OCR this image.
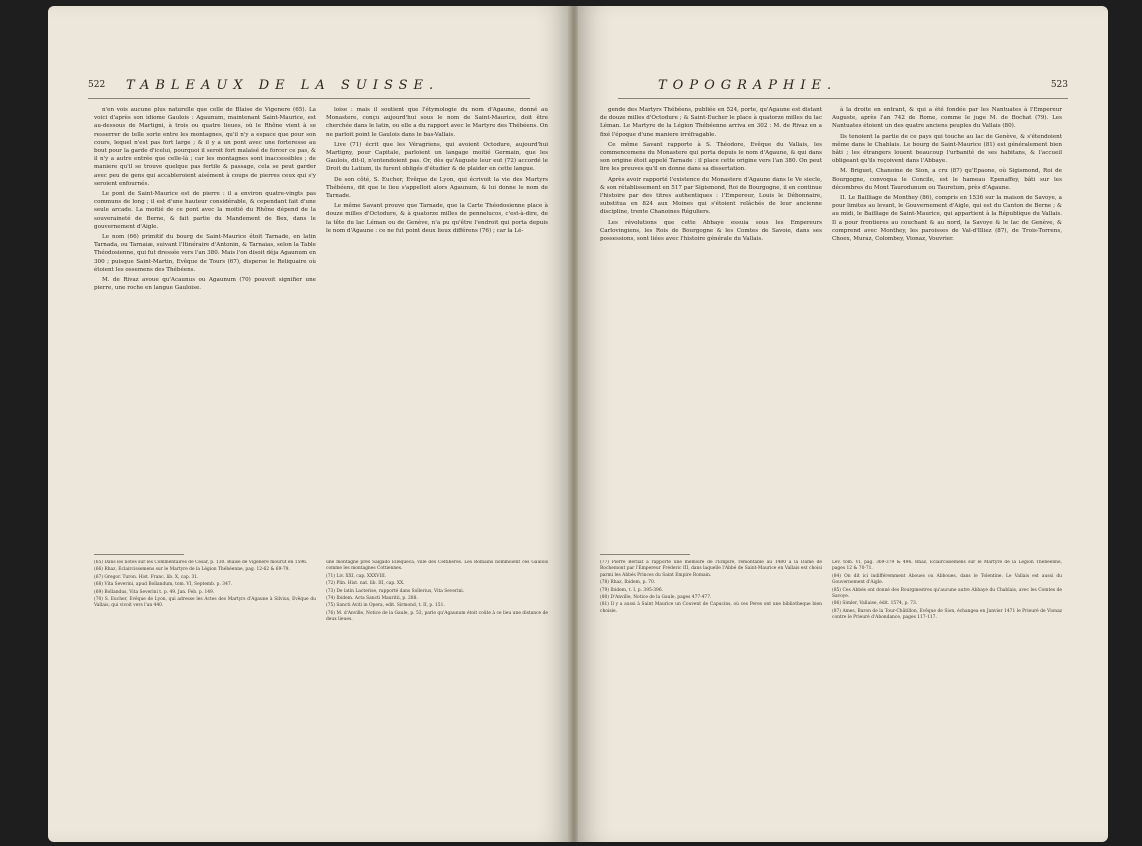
522 TABLEAUX DE LA SUISSE.

n'en vois aucune plus naturelle que celle de Blaise de Vigenere (65). La voici d'après son idiome Gaulois : Agaunum, maintenant Saint-Maurice, est au-dessous de Martigni, à trois ou quatre lieues, où le Rhône vient à se resserrer de telle sorte entre les montagnes, qu'il n'y a espace que pour son cours, lequel n'est pas fort large ; & il y a un pont avec une forteresse au bout pour la garde d'icelui, pourquoi il seroit fort malaisé de forcer ce pas, & il n'y a autre entrée que celle-là ; car les montagnes sont inaccessibles ; de maniere qu'il se trouve quelque pas fertile & passage, cela se peut garder avec peu de gens qui accableroient aisément à coups de pierres ceux qui s'y seroient enfournés.

Le pont de Saint-Maurice est de pierre : il a environ quatre-vingts pas communs de long ; il est d'une hauteur considérable, & cependant fait d'une seule arcade. La moitié de ce pont avec la moitié du Rhône dépend de la souveraineté de Berne, & fait partie du Mandement de Bex, dans le gouvernement d'Aigle.

Le nom (66) primitif du bourg de Saint-Maurice étoit Tarnade, en latin Tarnada, ou Tarnaiæ, suivant l'Itinéraire d'Antonin, & Tarnaias, selon la Table Théodosienne, qui fut dressée vers l'an 380. Mais l'on disoit déja Agaunum en 300 ; puisque Saint-Martin, Evêque de Tours (67), disperse le Reliquaire où étoient les ossemens des Thébéens.

M. de Rivaz avoue qu'Acaunus ou Agaunum (70) pouvoit signifier une pierre, une roche en langue Gauloise.

loise : mais il soutient que l'étymologie du nom d'Agaune, donné au Monastere, conçu aujourd'hui sous le nom de Saint-Maurice, doit être cherchée dans le latin, ou elle a du rapport avec le Martyre des Thébéens. On ne parloit point le Gaulois dans le bas-Vallais.

Live (71) écrit que les Véragriens, qui avoient Octodure, aujourd'hui Martigny, pour Capitale, parloient un langage moitié Germain, que les Gaulois, dit-il, n'entendoient pas. Or, dès qu'Auguste leur eut (72) accordé le Droit du Latium, ils furent obligés d'étudier & de plaider en cette langue.

De son côté, S. Eucher, Evêque de Lyon, qui écrivoit la vie des Martyrs Thébéens, dit que le lieu s'appelloit alors Agaunum, & lui donne le nom de Tarnade.

Le même Savant prouve que Tarnade, que la Carte Théodosienne place à douze milles d'Octodure, & à quatorze milles de pennelucos, c'est-à-dire, de la tête du lac Léman ou de Genève, n'a pu qu'être l'endroit qui porta depuis le nom d'Agaune : ce ne fut point deux lieux différens (76) ; car la Lé-

(65) Dans les notes sur les Commentaires de César, p. 130. Blaise de Vigenere mourut en 1596.

(66) Rhaz, Eclaircissemens sur le Martyre de la Légion Thébéenne, pag. 12-62 & 69-79.

(67) Gregor. Turon. Hist. Franc. lib. X, cap. 31.

(68) Vita Severini, apud Bollandum, tom. VI, Septemb. p. 347.

(69) Bollandus, Vita Severini t. p. 49. Jan. Feb. p. 149.

(70) S. Eucher, Evêque de Lyon, qui adresse les Actes des Martyrs d'Agaune à Silvius, Evêque du Vallais, qui vivoit vers l'an 440.

une montagne près Salgado Ellequeca, ville des Celtibères. Les Romains nommoient ces Gaulois comme les montagnes Cottiennes.

(71) Liv. XXI, cap. XXXVIII.

(72) Plin. Hist. nat. lib. III, cap. XX.

(73) De latin Lacterise, rapporté dans Sollerius, Vita Severini.

(74) Ibidem. Acta Sancti Mauritii, p. 288.

(75) Sancti Aviti in Opera, edit. Sirmond, t. II, p. 151.

(76) M. d'Anville, Notice de la Gaule, p. 53, parle qu'Agaunum étoit coûte à ce lieu une distance de deux lieues.

TOPOGRAPHIE.	523

gende des Martyrs Thébéens, publiée en 524, porte, qu'Agaune est distant de douze milles d'Octodure ; & Saint-Eucher le place à quatorze milles du lac Léman. Le Martyre de la Légion Thébéenne arriva en 302 : M. de Rivaz en a fixé l'époque d'une maniere irréfragable.

Ce même Savant rapporte à S. Théodore, Evêque du Vallais, les commencemens du Monastere qui porta depuis le nom d'Agaune, & qui dans son origine étoit appelé Tarnade : il place cette origine vers l'an 380. On peut lire les preuves qu'il en donne dans sa dissertation.

Après avoir rapporté l'existence du Monastere d'Agaune dans le Ve siecle, & son rétablissement en 517 par Sigismond, Roi de Bourgogne, il en continue l'histoire par des titres authentiques : l'Empereur, Louis le Débonnaire, substitua en 824 aux Moines qui s'étoient relâchés de leur ancienne discipline, trente Chanoines Réguliers.

Les révolutions que cette Abbaye essuia sous les Empereurs Carlovingiens, les Rois de Bourgogne & les Comtes de Savoie, dans ses possessions, sont liées avec l'histoire générale du Vallais.

à la droite en entrant, & qui a été fondée par les Nantuates à l'Empereur Auguste, après l'an 742 de Rome, comme le juge M. de Bochat (79). Les Nantuates étoient un des quatre anciens peuples du Vallais (80).

Ils tenoient la partie de ce pays qui touche au lac de Genève, & s'étendoient même dans le Chablais. Le bourg de Saint-Maurice (81) est généralement bien bâti ; les étrangers louent beaucoup l'urbanité de ses habitans, & l'accueil obligeant qu'ils reçoivent dans l'Abbaye.

M. Briguet, Chanoine de Sion, a cru (87) qu'Epaone, où Sigismond, Roi de Bourgogne, convoqua le Concile, est le hameau Epenaffey, bâti sur les décombres du Mont Taurodunum ou Tauretum, près d'Agaune.

II. Le Bailliage de Monthey (86), compris en 1536 sur la maison de Savoye, a pour limites au levant, le Gouvernement d'Aigle, qui est du Canton de Berne ; & au midi, le Bailliage de Saint-Maurice, qui appartient à la République du Vallais. Il a pour frontieres au couchant & au nord, la Savoye & le lac de Genève, & comprend avec Monthey, les paroisses de Val-d'Illiez (87), de Trois-Torrens, Choex, Muraz, Colombey, Vionaz, Vouvrier.

(77) Pierre Berliat a rapporté une mémoire de l'Empire, remontable au 1480 à la Dame de Rochemont par l'Empereur Fréderic III, dans laquelle l'Abbé de Saint-Maurice en Vallais est choisi parmi les Abbés Princes du Saint Empire Romain.

(78) Rhaz, Ibidem, p. 70.

(79) Ibidem, t. I, p. 395-396.

(80) D'Anville, Notice de la Gaule, pages 477-477.

(81) Il y a aussi à Saint Maurice un Couvent de Capucins, où ces Peres ont une bibliotheque bien choisie.

Lev. tom. VI, pag. 369-379 & 496. Rhaz, Eclaircissemens sur le Martyre de la Légion Thébéenne, pages 12 & 70-71.

(84) On dit ici indifféremment Aboues ou Abboues, dans le Tolentine. Le Vallais est aussi du Gouvernement d'Aigle.

(85) Ces Abbés ont donné des Bourgmestres qu'aucune autre Abbaye du Chablais, avec les Comtes de Savoye.

(86) Simler, Vallaise, édit. 1574, p. 73.

(87) Ames, Baron de la Tour-Châtillon, Evêque de Sion, échangea en Janvier 1471 le Prieuré de Vionaz contre le Prieuré d'Abondance, pages 117-117.
